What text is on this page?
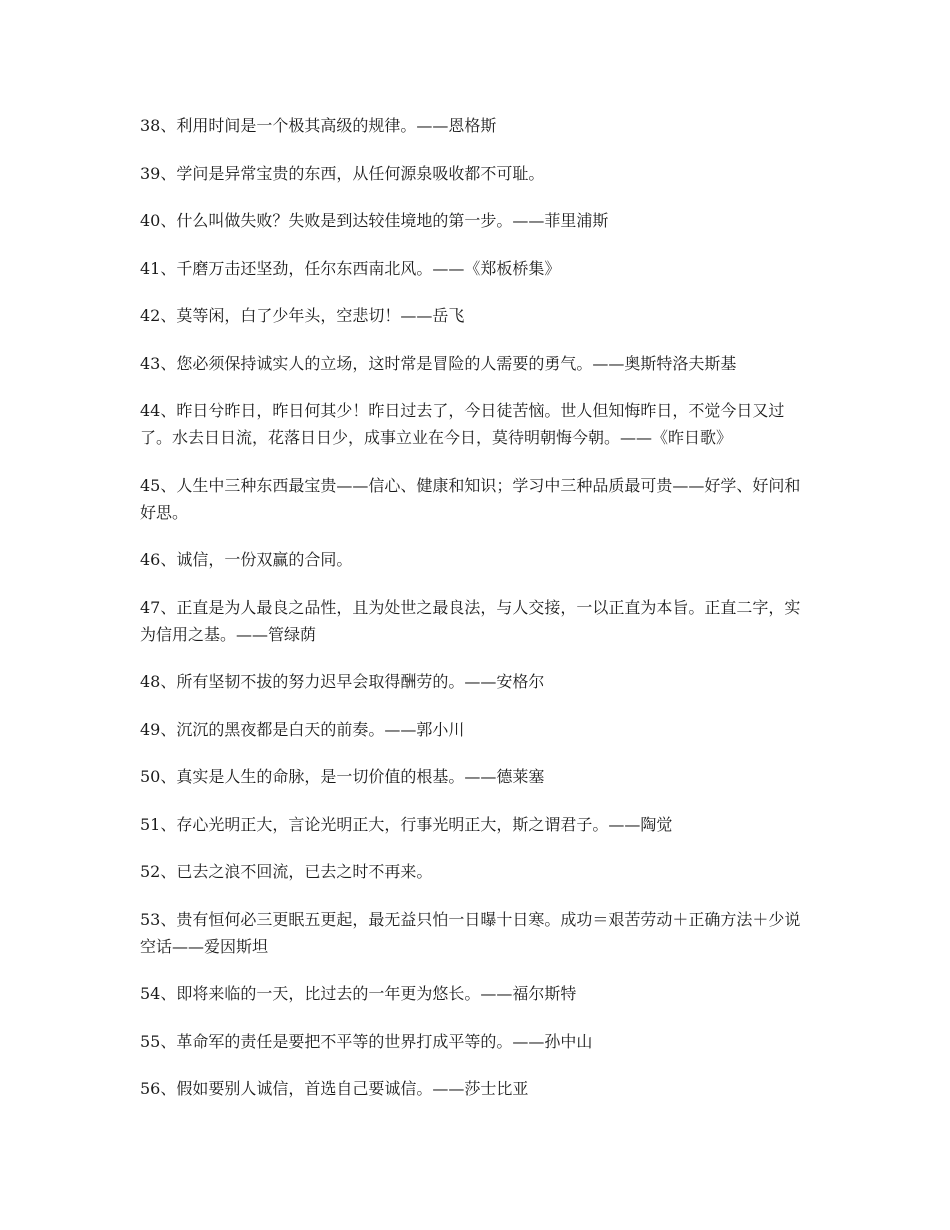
38、利用时间是一个极其高级的规律。——恩格斯

39、学问是异常宝贵的东西，从任何源泉吸收都不可耻。

40、什么叫做失败？失败是到达较佳境地的第一步。——菲里浦斯

41、千磨万击还坚劲，任尔东西南北风。——《郑板桥集》

42、莫等闲，白了少年头，空悲切！——岳飞

43、您必须保持诚实人的立场，这时常是冒险的人需要的勇气。——奥斯特洛夫斯基

44、昨日兮昨日，昨日何其少！昨日过去了，今日徒苦恼。世人但知悔昨日，不觉今日又过了。水去日日流，花落日日少，成事立业在今日，莫待明朝悔今朝。——《昨日歌》

45、人生中三种东西最宝贵——信心、健康和知识；学习中三种品质最可贵——好学、好问和好思。

46、诚信，一份双赢的合同。

47、正直是为人最良之品性，且为处世之最良法，与人交接，一以正直为本旨。正直二字，实为信用之基。——管绿荫

48、所有坚韧不拔的努力迟早会取得酬劳的。——安格尔

49、沉沉的黑夜都是白天的前奏。——郭小川

50、真实是人生的命脉，是一切价值的根基。——德莱塞

51、存心光明正大，言论光明正大，行事光明正大，斯之谓君子。——陶觉

52、已去之浪不回流，已去之时不再来。

53、贵有恒何必三更眠五更起，最无益只怕一日曝十日寒。成功＝艰苦劳动＋正确方法＋少说空话——爱因斯坦

54、即将来临的一天，比过去的一年更为悠长。——福尔斯特

55、革命军的责任是要把不平等的世界打成平等的。——孙中山

56、假如要别人诚信，首选自己要诚信。——莎士比亚
